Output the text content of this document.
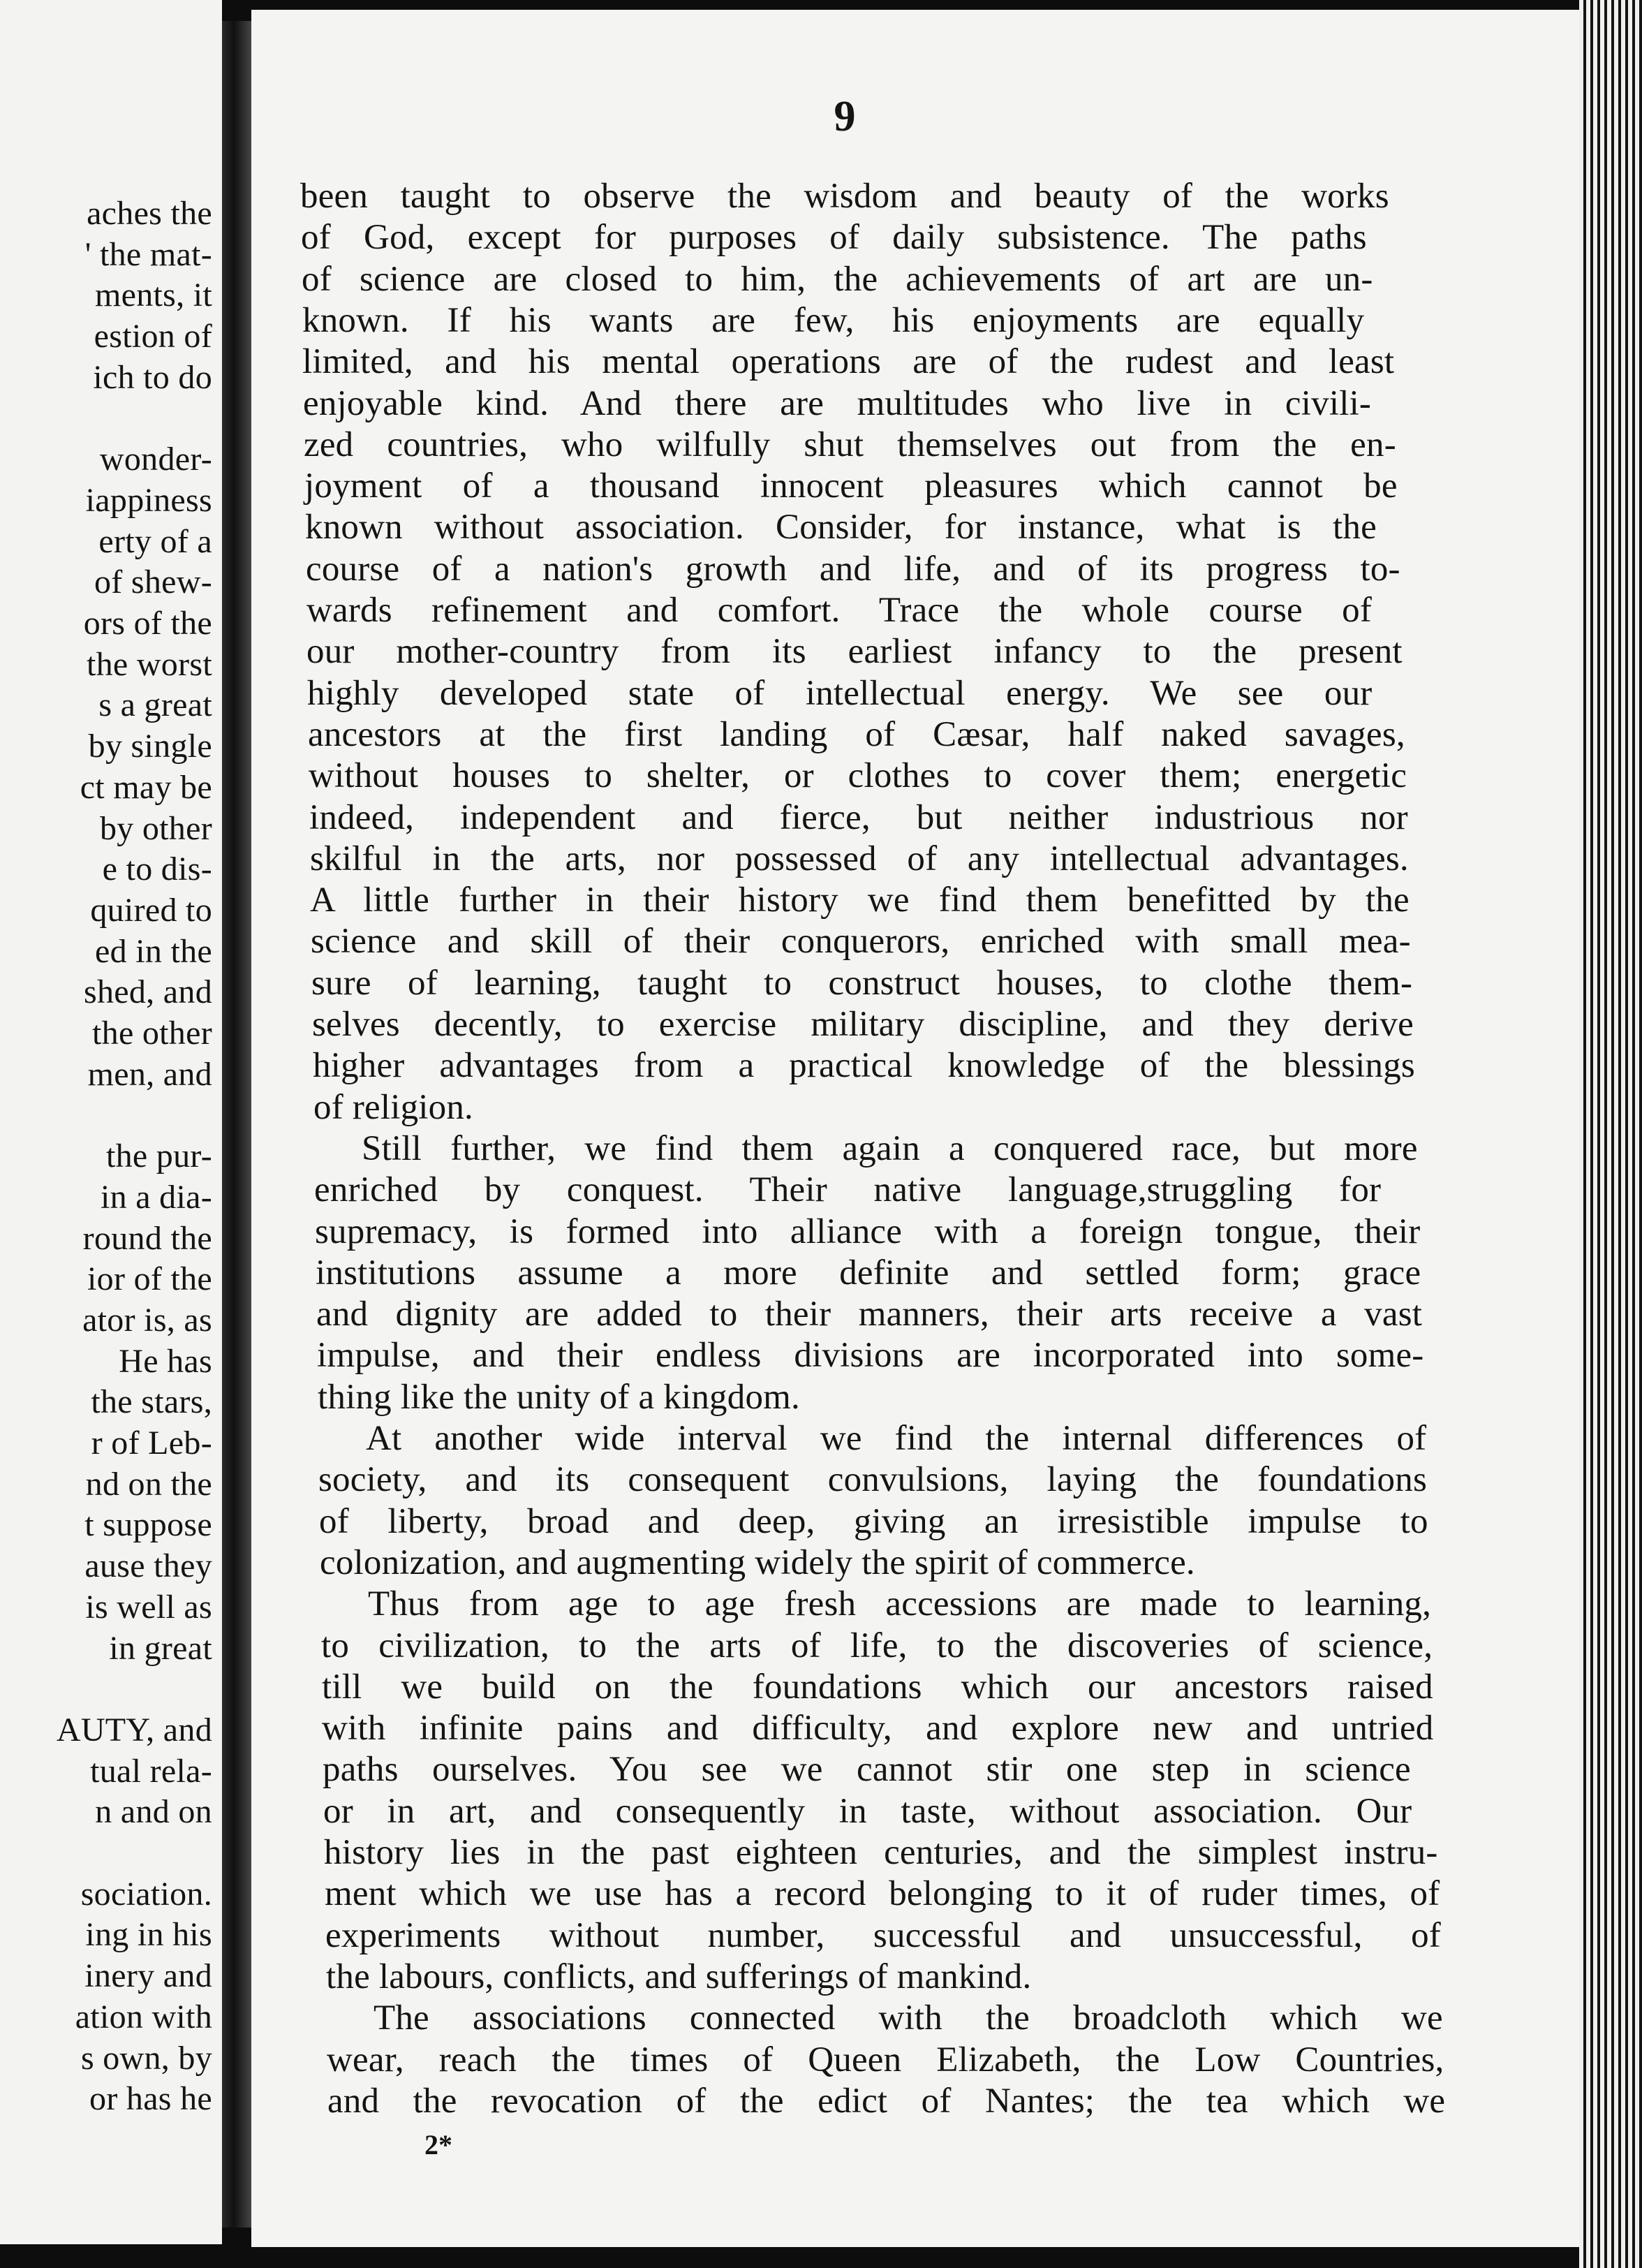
aches the
' the mat-
ments, it
estion of
ich to do
wonder-
iappiness
erty of a
of shew-
ors of the
the worst
s a great
by single
ct may be
by other
e to dis-
quired to
ed in the
shed, and
the other
men, and
the pur-
in a dia-
round the
ior of the
ator is, as
He has
the stars,
r of Leb-
nd on the
t suppose
ause they
is well as
in great
AUTY, and
tual rela-
n and on
sociation.
ing in his
inery and
ation with
s own, by
or has he
been taught to observe the wisdom and beauty of the works
of God, except for purposes of daily subsistence. The paths
of science are closed to him, the achievements of art are un-
known. If his wants are few, his enjoyments are equally
limited, and his mental operations are of the rudest and least
enjoyable kind. And there are multitudes who live in civili-
zed countries, who wilfully shut themselves out from the en-
joyment of a thousand innocent pleasures which cannot be
known without association. Consider, for instance, what is the
course of a nation's growth and life, and of its progress to-
wards refinement and comfort. Trace the whole course of
our mother-country from its earliest infancy to the present
highly developed state of intellectual energy. We see our
ancestors at the first landing of Cæsar, half naked savages,
without houses to shelter, or clothes to cover them; energetic
indeed, independent and fierce, but neither industrious nor
skilful in the arts, nor possessed of any intellectual advantages.
A little further in their history we find them benefitted by the
science and skill of their conquerors, enriched with small mea-
sure of learning, taught to construct houses, to clothe them-
selves decently, to exercise military discipline, and they derive
higher advantages from a practical knowledge of the blessings
of religion.
Still further, we find them again a conquered race, but more
enriched by conquest. Their native language,struggling for
supremacy, is formed into alliance with a foreign tongue, their
institutions assume a more definite and settled form; grace
and dignity are added to their manners, their arts receive a vast
impulse, and their endless divisions are incorporated into some-
thing like the unity of a kingdom.
At another wide interval we find the internal differences of
society, and its consequent convulsions, laying the foundations
of liberty, broad and deep, giving an irresistible impulse to
colonization, and augmenting widely the spirit of commerce.
Thus from age to age fresh accessions are made to learning,
to civilization, to the arts of life, to the discoveries of science,
till we build on the foundations which our ancestors raised
with infinite pains and difficulty, and explore new and untried
paths ourselves. You see we cannot stir one step in science
or in art, and consequently in taste, without association. Our
history lies in the past eighteen centuries, and the simplest instru-
ment which we use has a record belonging to it of ruder times, of
experiments without number, successful and unsuccessful, of
the labours, conflicts, and sufferings of mankind.
The associations connected with the broadcloth which we
wear, reach the times of Queen Elizabeth, the Low Countries,
and the revocation of the edict of Nantes; the tea which we
9
2*
